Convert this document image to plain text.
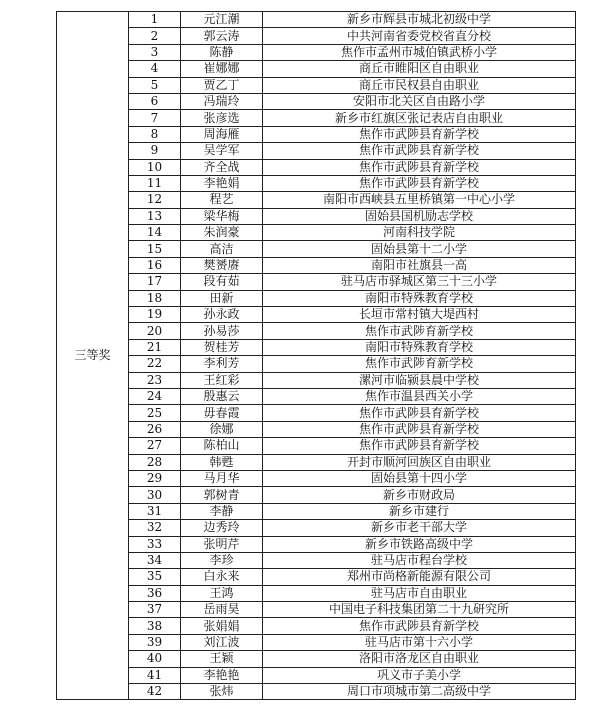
三等奖	1	元江潮	新乡市辉县市城北初级中学
	2	郭云涛	中共河南省委党校省直分校
	3	陈静	焦作市孟州市城伯镇武桥小学
	4	崔娜娜	商丘市睢阳区自由职业
	5	贾乙丁	商丘市民权县自由职业
	6	冯瑞玲	安阳市北关区自由路小学
	7	张彦选	新乡市红旗区张记表店自由职业
	8	周海雁	焦作市武陟县育新学校
	9	吴学军	焦作市武陟县育新学校
	10	齐全战	焦作市武陟县育新学校
	11	李艳娟	焦作市武陟县育新学校
	12	程艺	南阳市西峡县五里桥镇第一中心小学
	13	梁华梅	固始县国机励志学校
	14	朱润豪	河南科技学院
	15	高洁	固始县第十二小学
	16	樊赟赓	南阳市社旗县一高
	17	段有茹	驻马店市驿城区第三十三小学
	18	田新	南阳市特殊教育学校
	19	孙永政	长垣市常村镇大堤西村
	20	孙易莎	焦作市武陟育新学校
	21	贺桂芳	南阳市特殊教育学校
	22	李利芳	焦作市武陟育新学校
	23	王红彩	漯河市临颍县晨中学校
	24	殷惠云	焦作市温县西关小学
	25	毋春霞	焦作市武陟县育新学校
	26	徐娜	焦作市武陟县育新学校
	27	陈柏山	焦作市武陟县育新学校
	28	韩甦	开封市顺河回族区自由职业
	29	马月华	固始县第十四小学
	30	郭树青	新乡市财政局
	31	李静	新乡市建行
	32	边秀玲	新乡市老干部大学
	33	张明芹	新乡市铁路高级中学
	34	李珍	驻马店市程台学校
	35	白永来	郑州市尚格新能源有限公司
	36	王鸿	驻马店市自由职业
	37	岳雨昊	中国电子科技集团第二十九研究所
	38	张娟娟	焦作市武陟县育新学校
	39	刘江波	驻马店市第十六小学
	40	王颖	洛阳市洛龙区自由职业
	41	李艳艳	巩义市子美小学
	42	张炜	周口市项城市第二高级中学
